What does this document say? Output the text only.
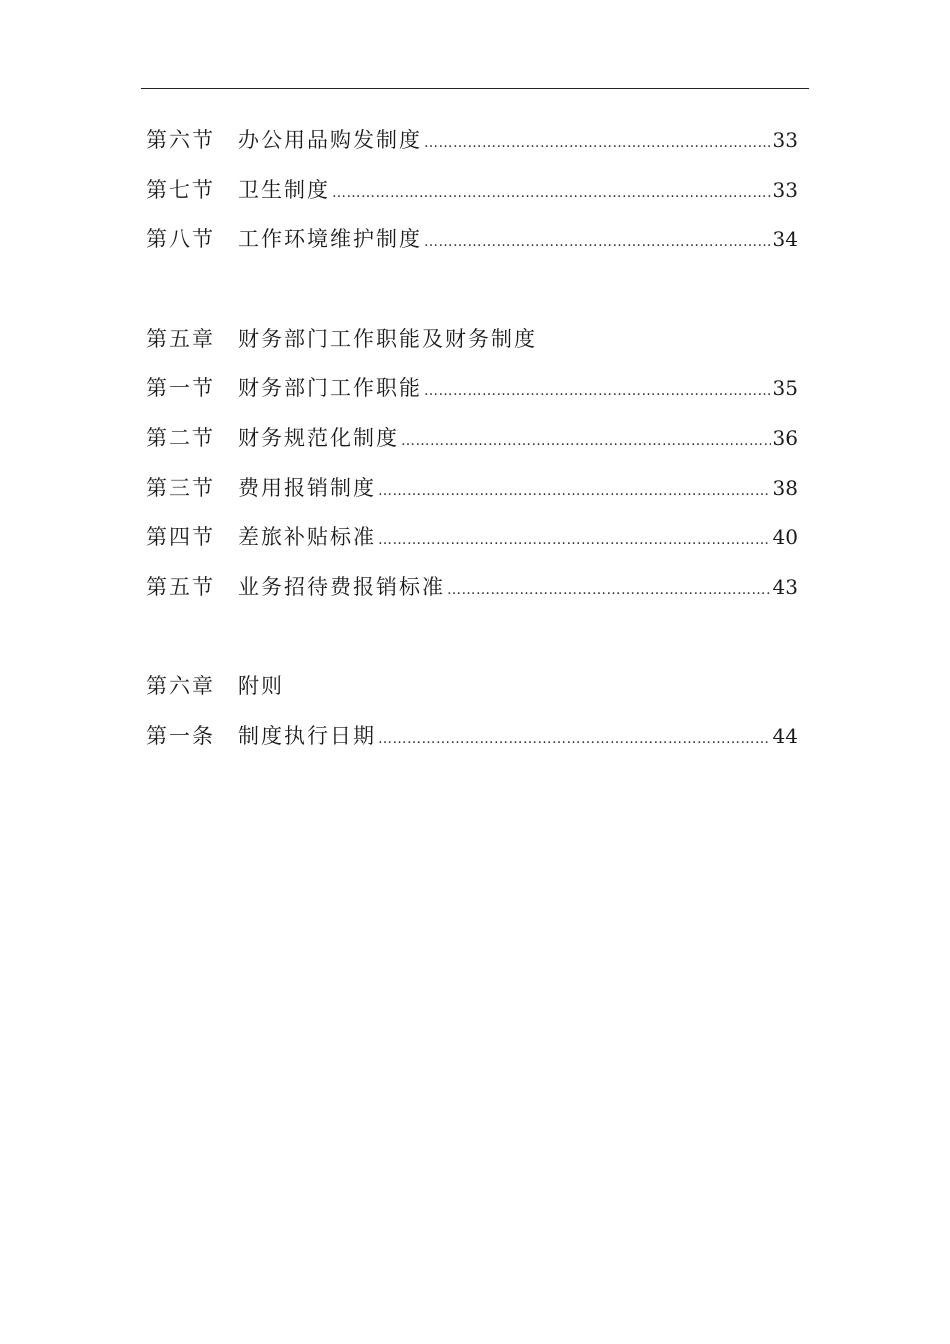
第六节	办公用品购发制度 …………………………………………………………………………………………………………………………………………………………	33
第七节	卫生制度 …………………………………………………………………………………………………………………………………………………………	33
第八节	工作环境维护制度 …………………………………………………………………………………………………………………………………………………………	34
第五章	财务部门工作职能及财务制度
第一节	财务部门工作职能 …………………………………………………………………………………………………………………………………………………………	35
第二节	财务规范化制度 …………………………………………………………………………………………………………………………………………………………	36
第三节	费用报销制度 …………………………………………………………………………………………………………………………………………………………	38
第四节	差旅补贴标准 …………………………………………………………………………………………………………………………………………………………	40
第五节	业务招待费报销标准 …………………………………………………………………………………………………………………………………………………………	43
第六章	附则
第一条	制度执行日期 …………………………………………………………………………………………………………………………………………………………	44
